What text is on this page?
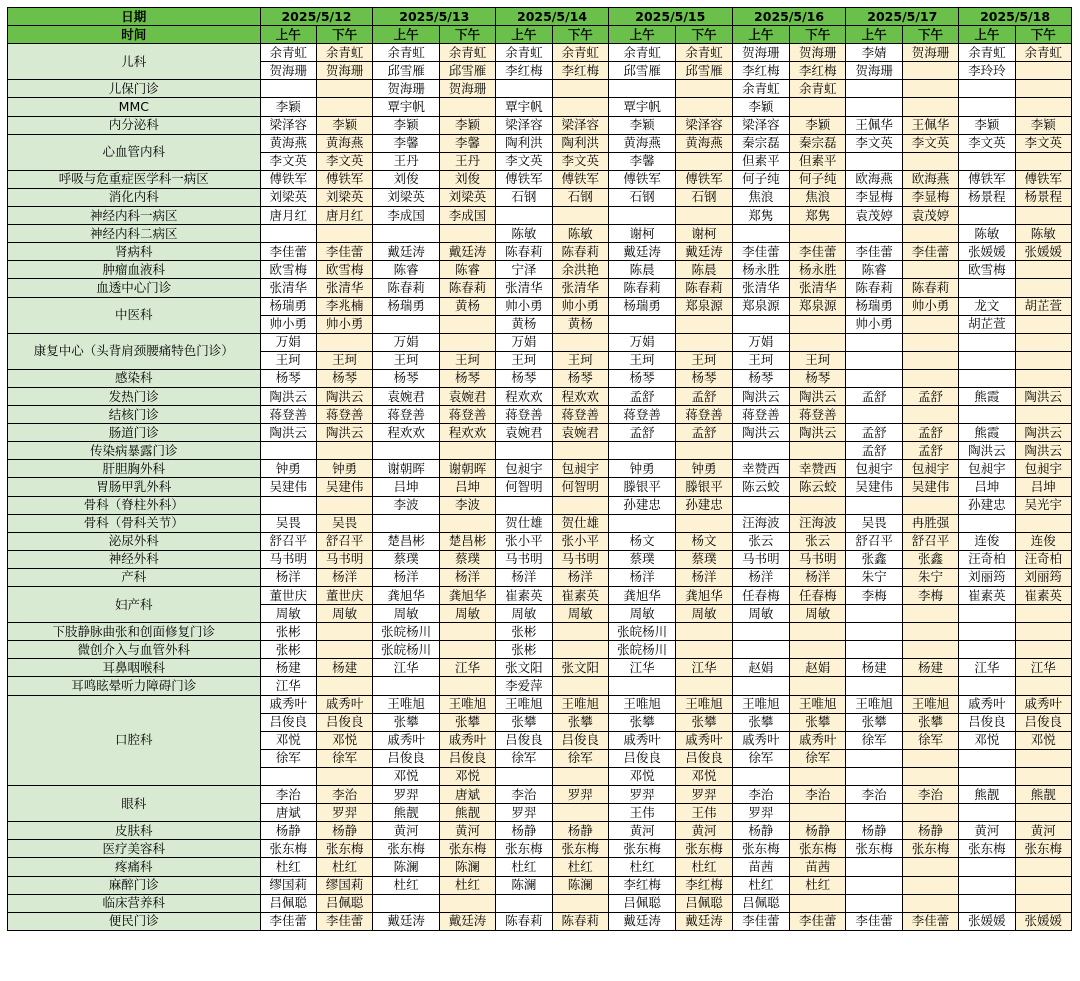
日期	2025/5/12		2025/5/13		2025/5/14		2025/5/15		2025/5/16		2025/5/17		2025/5/18	
时间	上午	下午	上午	下午	上午	下午	上午	下午	上午	下午	上午	下午	上午	下午
儿科	余青虹	余青虹	余青虹	余青虹	余青虹	余青虹	余青虹	余青虹	贺海珊	贺海珊	李婧	贺海珊	余青虹	余青虹
	贺海珊	贺海珊	邱雪雁	邱雪雁	李红梅	李红梅	邱雪雁	邱雪雁	李红梅	李红梅	贺海珊		李玲玲	
儿保门诊			贺海珊	贺海珊					余青虹	余青虹				
MMC	李颖		覃宇帆		覃宇帆		覃宇帆		李颖					
内分泌科	梁泽容	李颖	李颖	李颖	梁泽容	梁泽容	李颖	梁泽容	梁泽容	李颖	王佩华	王佩华	李颖	李颖
心血管内科	黄海燕	黄海燕	李馨	李馨	陶利洪	陶利洪	黄海燕	黄海燕	秦宗磊	秦宗磊	李文英	李文英	李文英	李文英
	李文英	李文英	王丹	王丹	李文英	李文英	李馨		但素平	但素平				
呼吸与危重症医学科一病区	傅铁军	傅铁军	刘俊	刘俊	傅铁军	傅铁军	傅铁军	傅铁军	何子纯	何子纯	欧海燕	欧海燕	傅铁军	傅铁军
消化内科	刘梁英	刘梁英	刘梁英	刘梁英	石钢	石钢	石钢	石钢	焦浪	焦浪	李显梅	李显梅	杨景程	杨景程
神经内科一病区	唐月红	唐月红	李成国	李成国					郑隽	郑隽	袁茂婷	袁茂婷		
神经内科二病区					陈敏	陈敏	谢柯	谢柯					陈敏	陈敏
肾病科	李佳蕾	李佳蕾	戴廷涛	戴廷涛	陈春莉	陈春莉	戴廷涛	戴廷涛	李佳蕾	李佳蕾	李佳蕾	李佳蕾	张媛媛	张媛媛
肿瘤血液科	欧雪梅	欧雪梅	陈睿	陈睿	宁泽	余洪艳	陈晨	陈晨	杨永胜	杨永胜	陈睿		欧雪梅	
血透中心门诊	张清华	张清华	陈春莉	陈春莉	张清华	张清华	陈春莉	陈春莉	张清华	张清华	陈春莉	陈春莉		
中医科	杨瑞勇	李兆楠	杨瑞勇	黄杨	帅小勇	帅小勇	杨瑞勇	郑泉源	郑泉源	郑泉源	杨瑞勇	帅小勇	龙文	胡芷萱
	帅小勇	帅小勇			黄杨	黄杨					帅小勇		胡芷萱	
康复中心（头背肩颈腰痛特色门诊）	万娟		万娟		万娟		万娟		万娟					
	王珂	王珂	王珂	王珂	王珂	王珂	王珂	王珂	王珂	王珂				
感染科	杨琴	杨琴	杨琴	杨琴	杨琴	杨琴	杨琴	杨琴	杨琴	杨琴				
发热门诊	陶洪云	陶洪云	袁婉君	袁婉君	程欢欢	程欢欢	孟舒	孟舒	陶洪云	陶洪云	孟舒	孟舒	熊霞	陶洪云
结核门诊	蒋登善	蒋登善	蒋登善	蒋登善	蒋登善	蒋登善	蒋登善	蒋登善	蒋登善	蒋登善				
肠道门诊	陶洪云	陶洪云	程欢欢	程欢欢	袁婉君	袁婉君	孟舒	孟舒	陶洪云	陶洪云	孟舒	孟舒	熊霞	陶洪云
传染病暴露门诊											孟舒	孟舒	陶洪云	陶洪云
肝胆胸外科	钟勇	钟勇	谢朝晖	谢朝晖	包昶宇	包昶宇	钟勇	钟勇	幸赞西	幸赞西	包昶宇	包昶宇	包昶宇	包昶宇
胃肠甲乳外科	吴建伟	吴建伟	吕坤	吕坤	何智明	何智明	滕银平	滕银平	陈云蛟	陈云蛟	吴建伟	吴建伟	吕坤	吕坤
骨科（脊柱外科）			李波	李波			孙建忠	孙建忠					孙建忠	吴光宇
骨科（骨科关节）	吴畏	吴畏			贺仕雄	贺仕雄			汪海波	汪海波	吴畏	冉胜强		
泌尿外科	舒召平	舒召平	楚昌彬	楚昌彬	张小平	张小平	杨文	杨文	张云	张云	舒召平	舒召平	连俊	连俊
神经外科	马书明	马书明	蔡璞	蔡璞	马书明	马书明	蔡璞	蔡璞	马书明	马书明	张鑫	张鑫	汪奇柏	汪奇柏
产科	杨洋	杨洋	杨洋	杨洋	杨洋	杨洋	杨洋	杨洋	杨洋	杨洋	朱宁	朱宁	刘丽筠	刘丽筠
妇产科	董世庆	董世庆	龚旭华	龚旭华	崔素英	崔素英	龚旭华	龚旭华	任春梅	任春梅	李梅	李梅	崔素英	崔素英
	周敏	周敏	周敏	周敏	周敏	周敏	周敏	周敏	周敏	周敏				
下肢静脉曲张和创面修复门诊	张彬		张皖杨川		张彬		张皖杨川							
微创介入与血管外科	张彬		张皖杨川		张彬		张皖杨川							
耳鼻咽喉科	杨建	杨建	江华	江华	张文阳	张文阳	江华	江华	赵娟	赵娟	杨建	杨建	江华	江华
耳鸣眩晕听力障碍门诊	江华				李爱萍									
口腔科	戚秀叶	戚秀叶	王唯旭	王唯旭	王唯旭	王唯旭	王唯旭	王唯旭	王唯旭	王唯旭	王唯旭	王唯旭	戚秀叶	戚秀叶
	吕俊良	吕俊良	张攀	张攀	张攀	张攀	张攀	张攀	张攀	张攀	张攀	张攀	吕俊良	吕俊良
	邓悦	邓悦	戚秀叶	戚秀叶	吕俊良	吕俊良	戚秀叶	戚秀叶	戚秀叶	戚秀叶	徐军	徐军	邓悦	邓悦
	徐军	徐军	吕俊良	吕俊良	徐军	徐军	吕俊良	吕俊良	徐军	徐军				
			邓悦	邓悦			邓悦	邓悦						
眼科	李治	李治	罗羿	唐斌	李治	罗羿	罗羿	罗羿	李治	李治	李治	李治	熊靓	熊靓
	唐斌	罗羿	熊靓	熊靓	罗羿		王伟	王伟	罗羿					
皮肤科	杨静	杨静	黄河	黄河	杨静	杨静	黄河	黄河	杨静	杨静	杨静	杨静	黄河	黄河
医疗美容科	张东梅	张东梅	张东梅	张东梅	张东梅	张东梅	张东梅	张东梅	张东梅	张东梅	张东梅	张东梅	张东梅	张东梅
疼痛科	杜红	杜红	陈澜	陈澜	杜红	杜红	杜红	杜红	苗茜	苗茜				
麻醉门诊	缪国莉	缪国莉	杜红	杜红	陈澜	陈澜	李红梅	李红梅	杜红	杜红				
临床营养科	吕佩聪	吕佩聪					吕佩聪	吕佩聪	吕佩聪					
便民门诊	李佳蕾	李佳蕾	戴廷涛	戴廷涛	陈春莉	陈春莉	戴廷涛	戴廷涛	李佳蕾	李佳蕾	李佳蕾	李佳蕾	张媛媛	张媛媛
